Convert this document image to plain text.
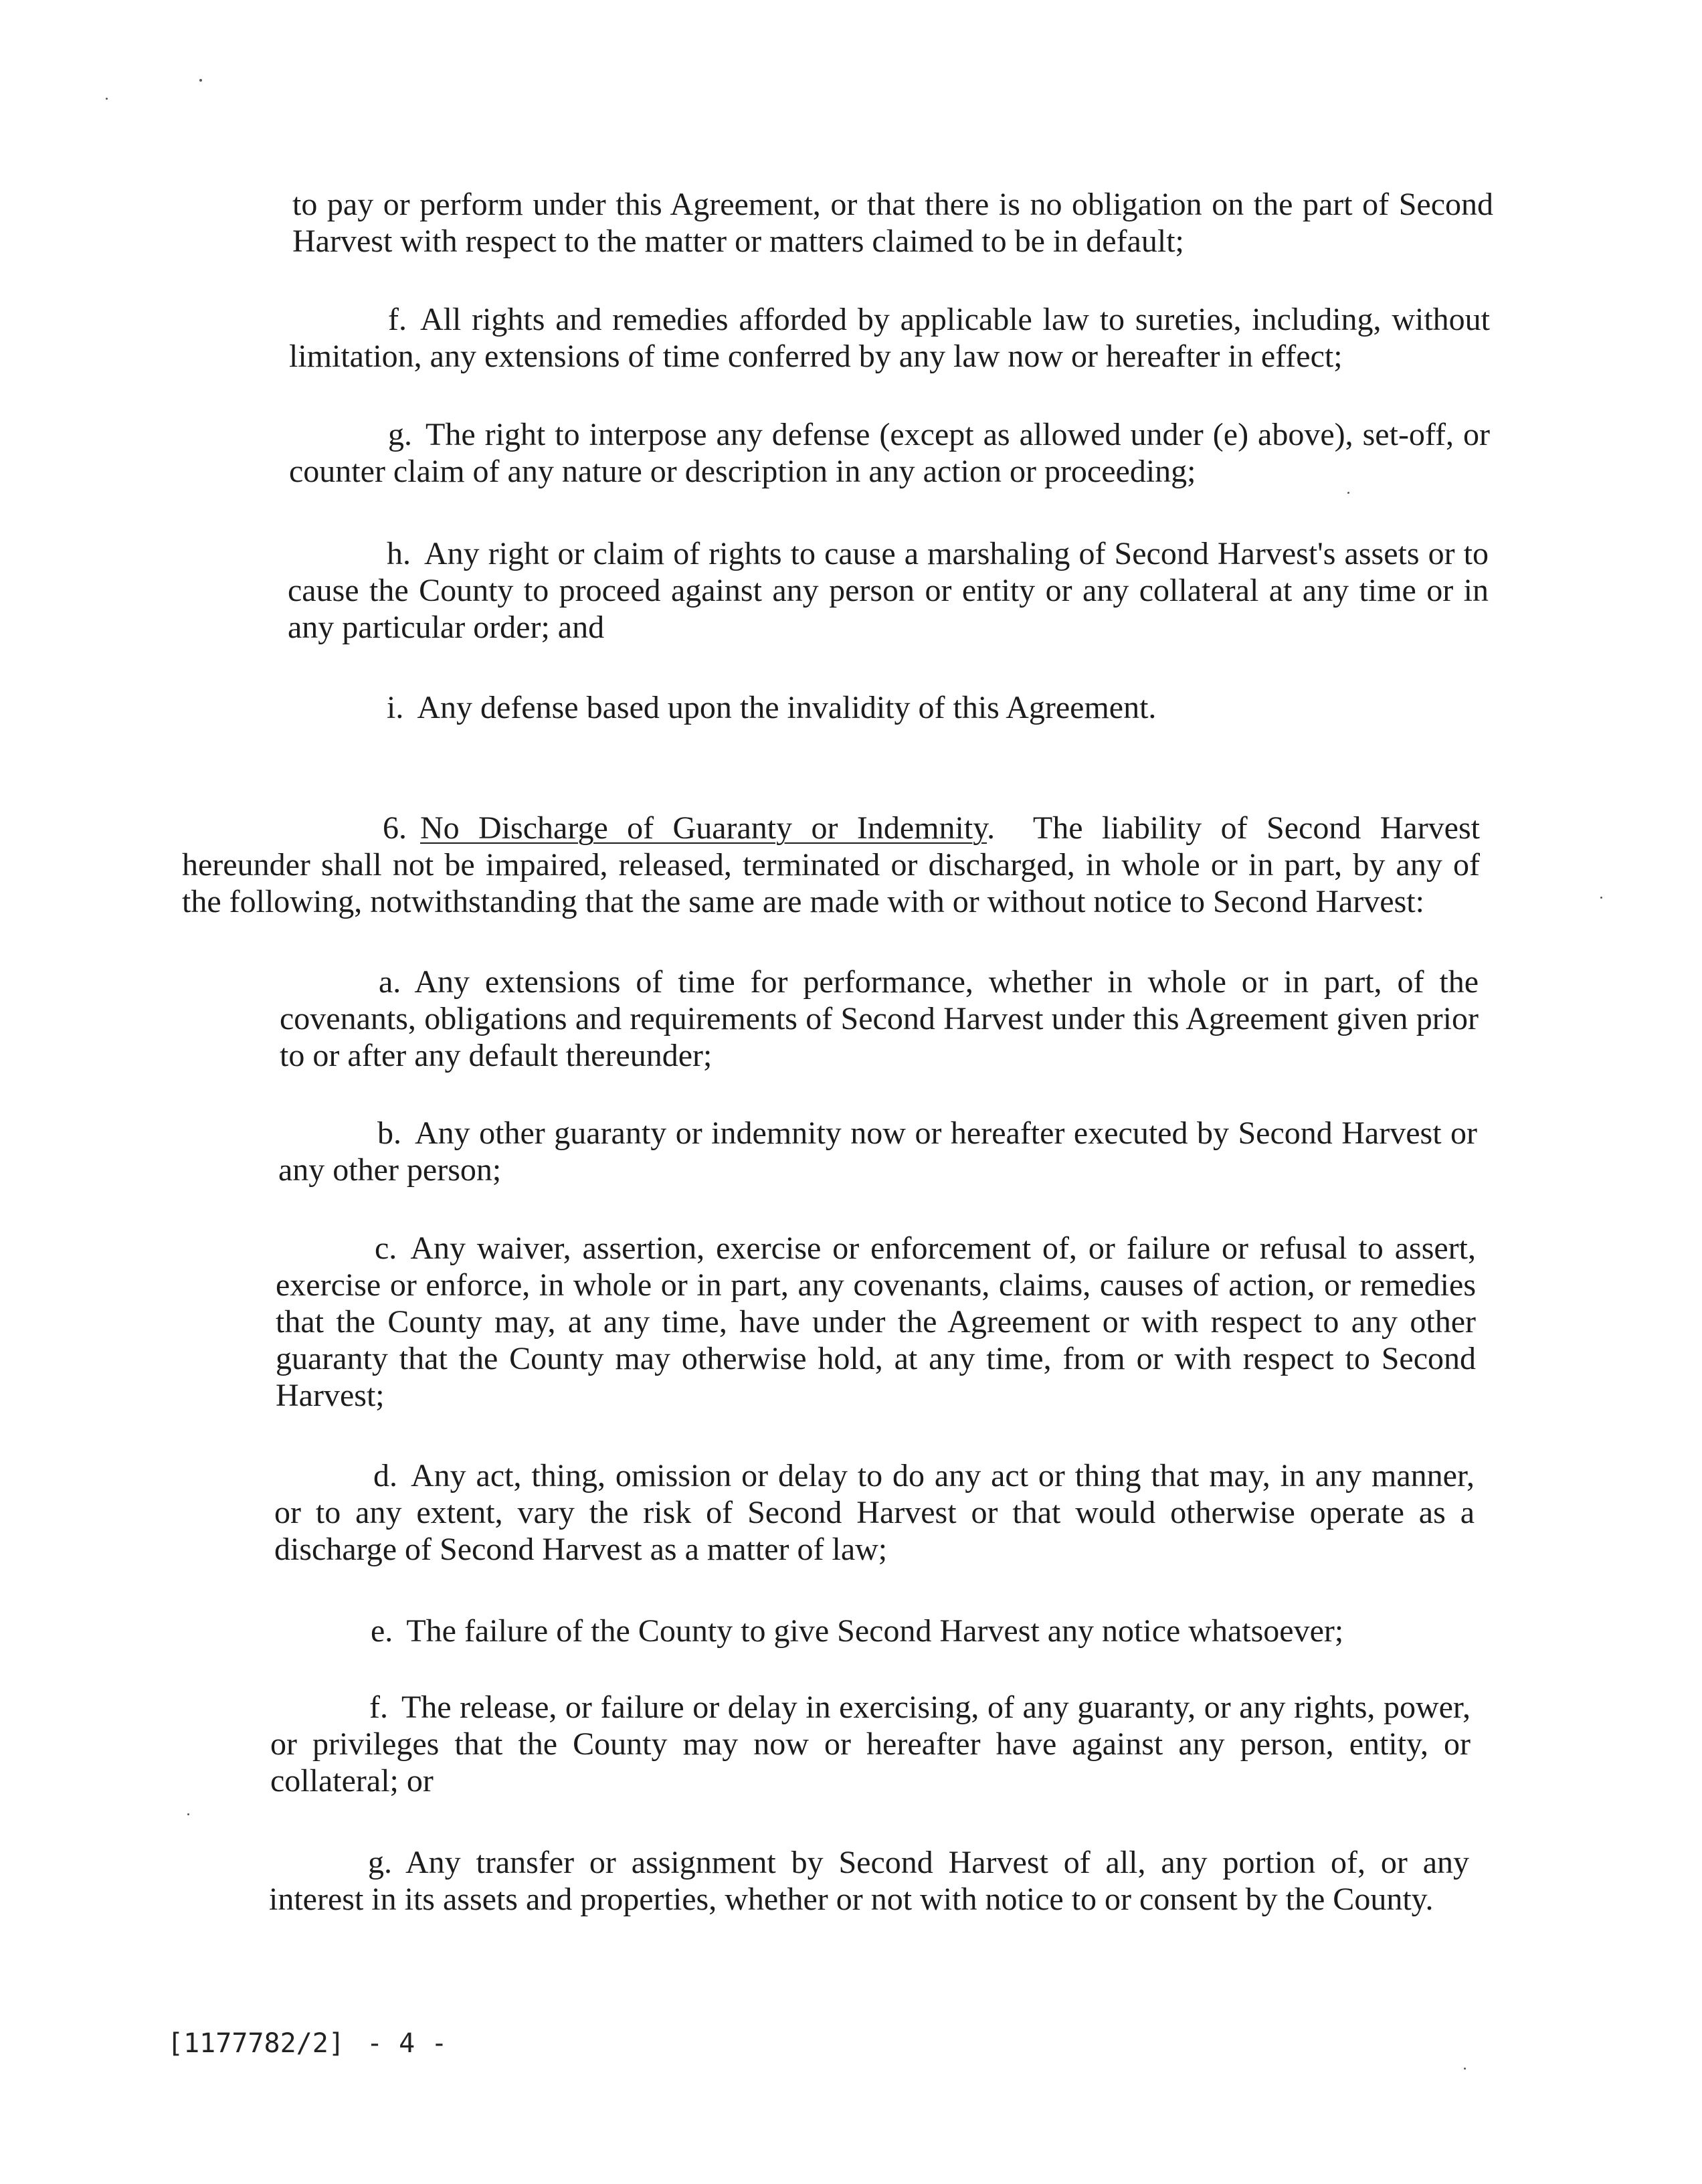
to pay or perform under this Agreement, or that there is no obligation on the part of Second Harvest with respect to the matter or matters claimed to be in default;

f. All rights and remedies afforded by applicable law to sureties, including, without limitation, any extensions of time conferred by any law now or hereafter in effect;

g. The right to interpose any defense (except as allowed under (e) above), set-off, or counter claim of any nature or description in any action or proceeding;

h. Any right or claim of rights to cause a marshaling of Second Harvest's assets or to cause the County to proceed against any person or entity or any collateral at any time or in any particular order; and

i. Any defense based upon the invalidity of this Agreement.

6. No Discharge of Guaranty or Indemnity. The liability of Second Harvest hereunder shall not be impaired, released, terminated or discharged, in whole or in part, by any of the following, notwithstanding that the same are made with or without notice to Second Harvest:

a. Any extensions of time for performance, whether in whole or in part, of the covenants, obligations and requirements of Second Harvest under this Agreement given prior to or after any default thereunder;

b. Any other guaranty or indemnity now or hereafter executed by Second Harvest or any other person;

c. Any waiver, assertion, exercise or enforcement of, or failure or refusal to assert, exercise or enforce, in whole or in part, any covenants, claims, causes of action, or remedies that the County may, at any time, have under the Agreement or with respect to any other guaranty that the County may otherwise hold, at any time, from or with respect to Second Harvest;

d. Any act, thing, omission or delay to do any act or thing that may, in any manner, or to any extent, vary the risk of Second Harvest or that would otherwise operate as a discharge of Second Harvest as a matter of law;

e. The failure of the County to give Second Harvest any notice whatsoever;

f. The release, or failure or delay in exercising, of any guaranty, or any rights, power, or privileges that the County may now or hereafter have against any person, entity, or collateral; or

g. Any transfer or assignment by Second Harvest of all, any portion of, or any interest in its assets and properties, whether or not with notice to or consent by the County.

[1177782/2] - 4 -
